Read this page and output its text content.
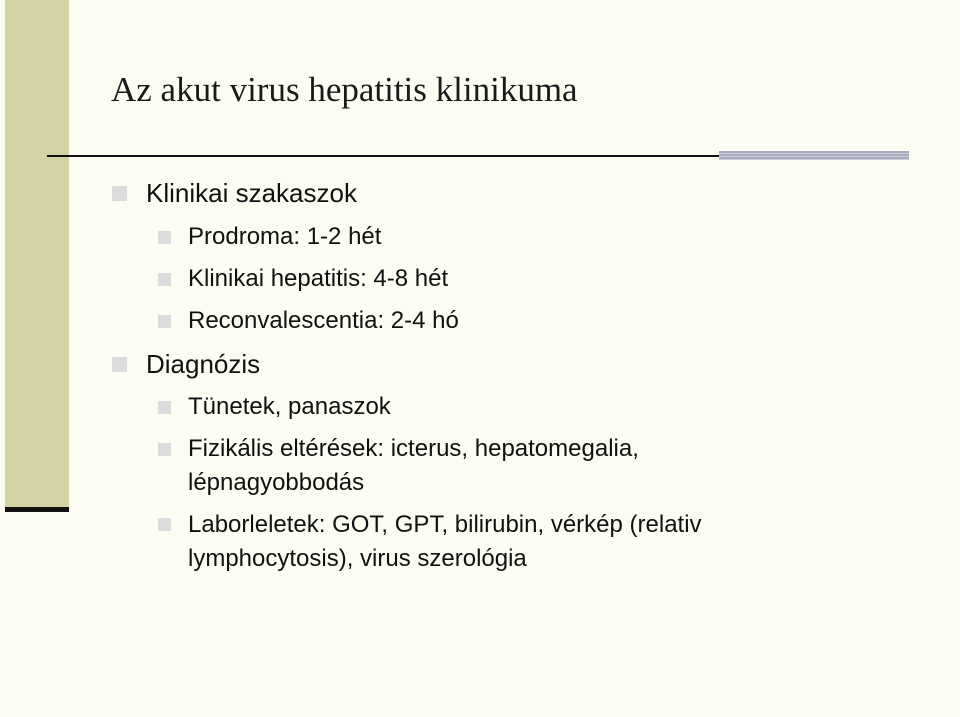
Az akut virus hepatitis klinikuma
Klinikai szakaszok
Prodroma: 1-2 hét
Klinikai hepatitis: 4-8 hét
Reconvalescentia: 2-4 hó
Diagnózis
Tünetek, panaszok
Fizikális eltérések: icterus, hepatomegalia,
lépnagyobbodás
Laborleletek: GOT, GPT, bilirubin, vérkép (relativ
lymphocytosis), virus szerológia
